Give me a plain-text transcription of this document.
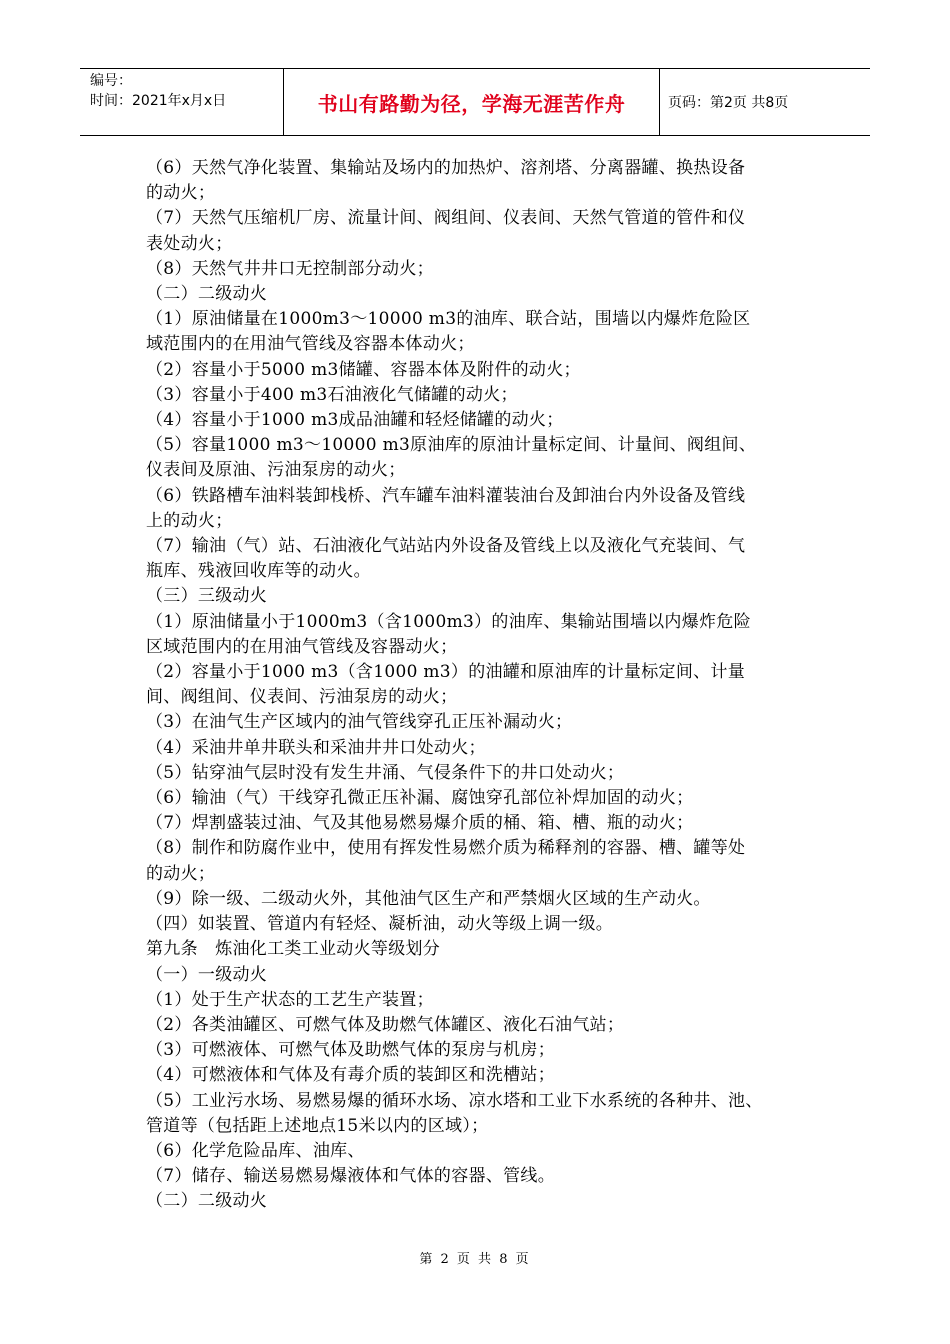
编号：
时间：2021年x月x日	书山有路勤为径，学海无涯苦作舟	页码：第2页 共8页

（6）天然气净化装置、集输站及场内的加热炉、溶剂塔、分离器罐、换热设备

的动火；

（7）天然气压缩机厂房、流量计间、阀组间、仪表间、天然气管道的管件和仪

表处动火；

（8）天然气井井口无控制部分动火；

（二）二级动火

（1）原油储量在1000m3～10000 m3的油库、联合站，围墙以内爆炸危险区

域范围内的在用油气管线及容器本体动火；

（2）容量小于5000 m3储罐、容器本体及附件的动火；

（3）容量小于400 m3石油液化气储罐的动火；

（4）容量小于1000 m3成品油罐和轻烃储罐的动火；

（5）容量1000 m3～10000 m3原油库的原油计量标定间、计量间、阀组间、

仪表间及原油、污油泵房的动火；

（6）铁路槽车油料装卸栈桥、汽车罐车油料灌装油台及卸油台内外设备及管线

上的动火；

（7）输油（气）站、石油液化气站站内外设备及管线上以及液化气充装间、气

瓶库、残液回收库等的动火。

（三）三级动火

（1）原油储量小于1000m3（含1000m3）的油库、集输站围墙以内爆炸危险

区域范围内的在用油气管线及容器动火；

（2）容量小于1000 m3（含1000 m3）的油罐和原油库的计量标定间、计量

间、阀组间、仪表间、污油泵房的动火；

（3）在油气生产区域内的油气管线穿孔正压补漏动火；

（4）采油井单井联头和采油井井口处动火；

（5）钻穿油气层时没有发生井涌、气侵条件下的井口处动火；

（6）输油（气）干线穿孔微正压补漏、腐蚀穿孔部位补焊加固的动火；

（7）焊割盛装过油、气及其他易燃易爆介质的桶、箱、槽、瓶的动火；

（8）制作和防腐作业中，使用有挥发性易燃介质为稀释剂的容器、槽、罐等处

的动火；

（9）除一级、二级动火外，其他油气区生产和严禁烟火区域的生产动火。

（四）如装置、管道内有轻烃、凝析油，动火等级上调一级。

第九条　炼油化工类工业动火等级划分

（一）一级动火

（1）处于生产状态的工艺生产装置；

（2）各类油罐区、可燃气体及助燃气体罐区、液化石油气站；

（3）可燃液体、可燃气体及助燃气体的泵房与机房；

（4）可燃液体和气体及有毒介质的装卸区和洗槽站；

（5）工业污水场、易燃易爆的循环水场、凉水塔和工业下水系统的各种井、池、

管道等（包括距上述地点15米以内的区域）；

（6）化学危险品库、油库、

（7）储存、输送易燃易爆液体和气体的容器、管线。

（二）二级动火

第 2 页 共 8 页
